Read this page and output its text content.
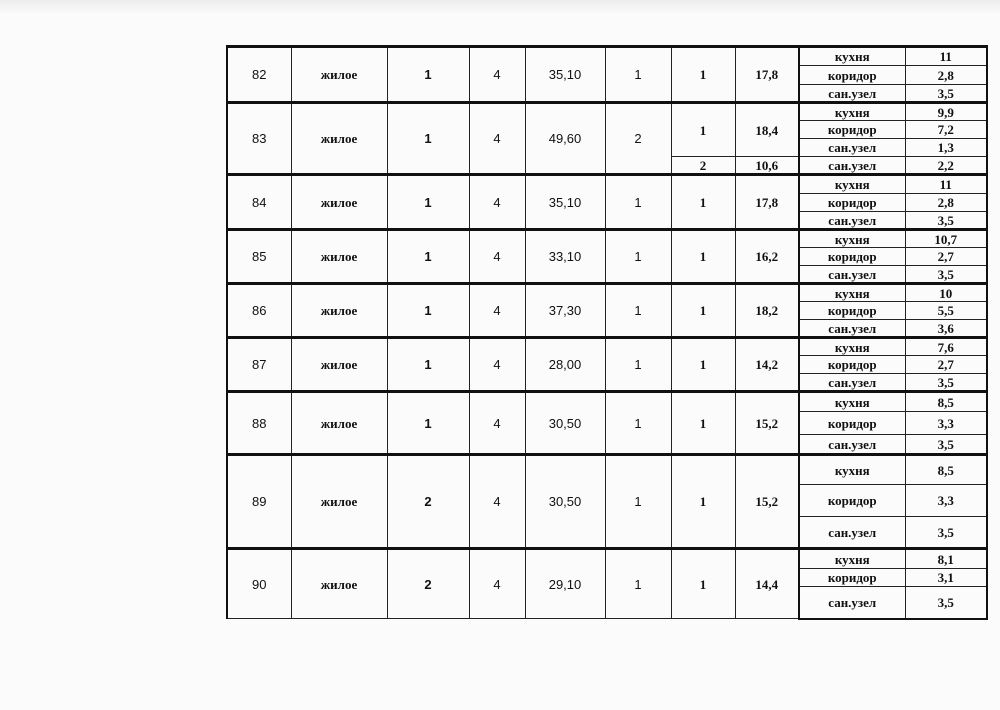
82	жилое	1	4	35,10	1	1	17,8	кухня	11
								коридор	2,8
								сан.узел	3,5
83	жилое	1	4	49,60	2	1	18,4	кухня	9,9
								коридор	7,2
								сан.узел	1,3
						2	10,6	сан.узел	2,2
84	жилое	1	4	35,10	1	1	17,8	кухня	11
								коридор	2,8
								сан.узел	3,5
85	жилое	1	4	33,10	1	1	16,2	кухня	10,7
								коридор	2,7
								сан.узел	3,5
86	жилое	1	4	37,30	1	1	18,2	кухня	10
								коридор	5,5
								сан.узел	3,6
87	жилое	1	4	28,00	1	1	14,2	кухня	7,6
								коридор	2,7
								сан.узел	3,5
88	жилое	1	4	30,50	1	1	15,2	кухня	8,5
								коридор	3,3
								сан.узел	3,5
89	жилое	2	4	30,50	1	1	15,2	кухня	8,5
								коридор	3,3
								сан.узел	3,5
90	жилое	2	4	29,10	1	1	14,4	кухня	8,1
								коридор	3,1
								сан.узел	3,5
